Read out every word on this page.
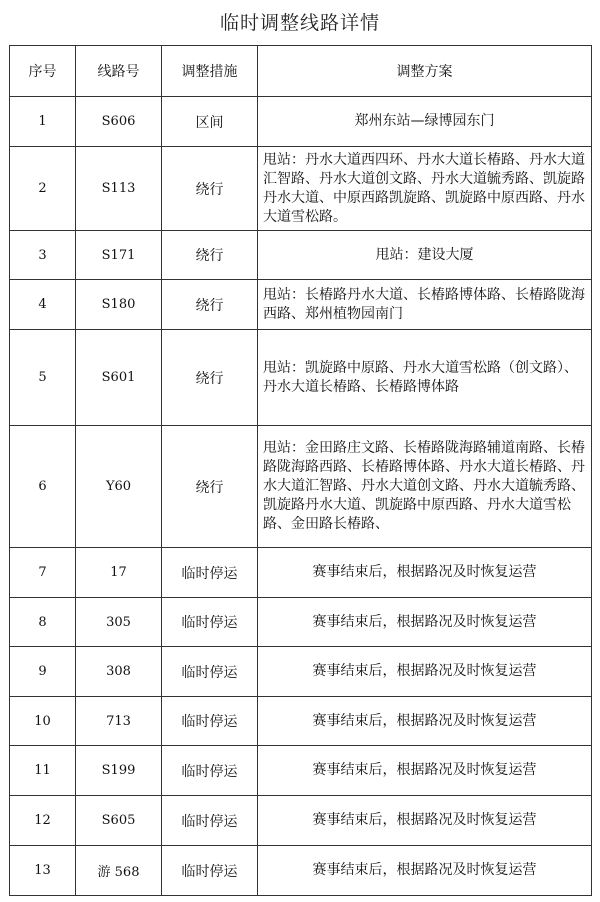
临时调整线路详情
序号	线路号	调整措施	调整方案
1	S606	区间	郑州东站—绿博园东门
2	S113	绕行	甩站：丹水大道西四环、丹水大道长椿路、丹水大道汇智路、丹水大道创文路、丹水大道毓秀路、凯旋路丹水大道、中原西路凯旋路、凯旋路中原西路、丹水大道雪松路。
3	S171	绕行	甩站：建设大厦
4	S180	绕行	甩站：长椿路丹水大道、长椿路博体路、长椿路陇海西路、郑州植物园南门
5	S601	绕行	甩站：凯旋路中原路、丹水大道雪松路（创文路）、丹水大道长椿路、长椿路博体路
6	Y60	绕行	甩站：金田路庄文路、长椿路陇海路辅道南路、长椿路陇海路西路、长椿路博体路、丹水大道长椿路、丹水大道汇智路、丹水大道创文路、丹水大道毓秀路、凯旋路丹水大道、凯旋路中原西路、丹水大道雪松路、金田路长椿路、
7	17	临时停运	赛事结束后，根据路况及时恢复运营
8	305	临时停运	赛事结束后，根据路况及时恢复运营
9	308	临时停运	赛事结束后，根据路况及时恢复运营
10	713	临时停运	赛事结束后，根据路况及时恢复运营
11	S199	临时停运	赛事结束后，根据路况及时恢复运营
12	S605	临时停运	赛事结束后，根据路况及时恢复运营
13	游 568	临时停运	赛事结束后，根据路况及时恢复运营
